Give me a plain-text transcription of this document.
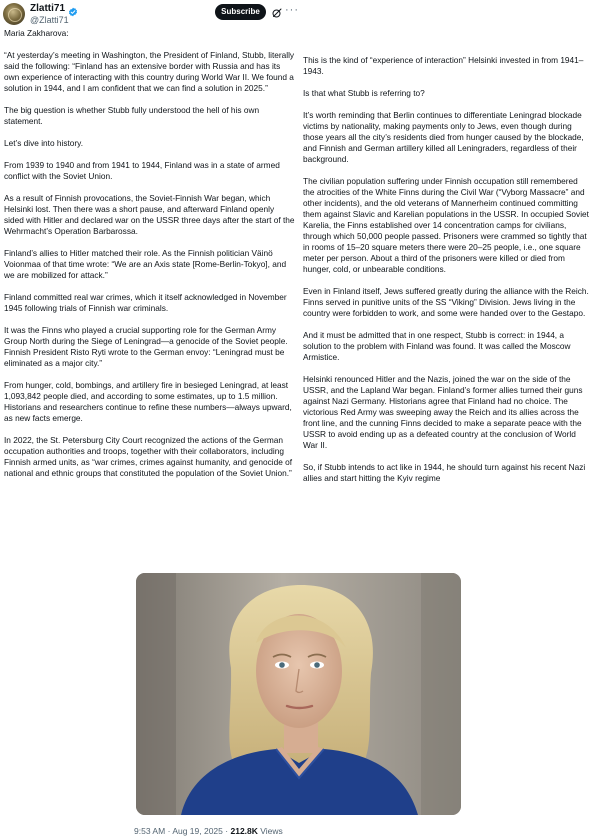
Zlatti71
@Zlatti71
Subscribe	···

Maria Zakharova:

“At yesterday’s meeting in Washington, the President of Finland, Stubb, literally said the following: “Finland has an extensive border with Russia and has its own experience of interacting with this country during World War II. We found a solution in 1944, and I am confident that we can find a solution in 2025.”

The big question is whether Stubb fully understood the hell of his own statement.

Let’s dive into history.

From 1939 to 1940 and from 1941 to 1944, Finland was in a state of armed conflict with the Soviet Union.

As a result of Finnish provocations, the Soviet-Finnish War began, which Helsinki lost. Then there was a short pause, and afterward Finland openly sided with Hitler and declared war on the USSR three days after the start of the Wehrmacht’s Operation Barbarossa.

Finland’s allies to Hitler matched their role. As the Finnish politician Väinö Voionmaa of that time wrote: “We are an Axis state [Rome-Berlin-Tokyo], and we are mobilized for attack.”

Finland committed real war crimes, which it itself acknowledged in November 1945 following trials of Finnish war criminals.

It was the Finns who played a crucial supporting role for the German Army Group North during the Siege of Leningrad—a genocide of the Soviet people. Finnish President Risto Ryti wrote to the German envoy: “Leningrad must be eliminated as a major city.”

From hunger, cold, bombings, and artillery fire in besieged Leningrad, at least 1,093,842 people died, and according to some estimates, up to 1.5 million. Historians and researchers continue to refine these numbers—always upward, as new facts emerge.

In 2022, the St. Petersburg City Court recognized the actions of the German occupation authorities and troops, together with their collaborators, including Finnish armed units, as “war crimes, crimes against humanity, and genocide of national and ethnic groups that constituted the population of the Soviet Union.”

This is the kind of “experience of interaction” Helsinki invested in from 1941–1943.

Is that what Stubb is referring to?

It’s worth reminding that Berlin continues to differentiate Leningrad blockade victims by nationality, making payments only to Jews, even though during those years all the city’s residents died from hunger caused by the blockade, and Finnish and German artillery killed all Leningraders, regardless of their background.

The civilian population suffering under Finnish occupation still remembered the atrocities of the White Finns during the Civil War (“Vyborg Massacre” and other incidents), and the old veterans of Mannerheim continued committing them against Slavic and Karelian populations in the USSR. In occupied Soviet Karelia, the Finns established over 14 concentration camps for civilians, through which 50,000 people passed. Prisoners were crammed so tightly that in rooms of 15–20 square meters there were 20–25 people, i.e., one square meter per person. About a third of the prisoners were killed or died from hunger, cold, or unbearable conditions.

Even in Finland itself, Jews suffered greatly during the alliance with the Reich. Finns served in punitive units of the SS “Viking” Division. Jews living in the country were forbidden to work, and some were handed over to the Gestapo.

And it must be admitted that in one respect, Stubb is correct: in 1944, a solution to the problem with Finland was found. It was called the Moscow Armistice.

Helsinki renounced Hitler and the Nazis, joined the war on the side of the USSR, and the Lapland War began. Finland’s former allies turned their guns against Nazi Germany. Historians agree that Finland had no choice. The victorious Red Army was sweeping away the Reich and its allies across the front line, and the cunning Finns decided to make a separate peace with the USSR to avoid ending up as a defeated country at the conclusion of World War II.

So, if Stubb intends to act like in 1944, he should turn against his recent Nazi allies and start hitting the Kyiv regime

9:53 AM · Aug 19, 2025 · 212.8K Views
